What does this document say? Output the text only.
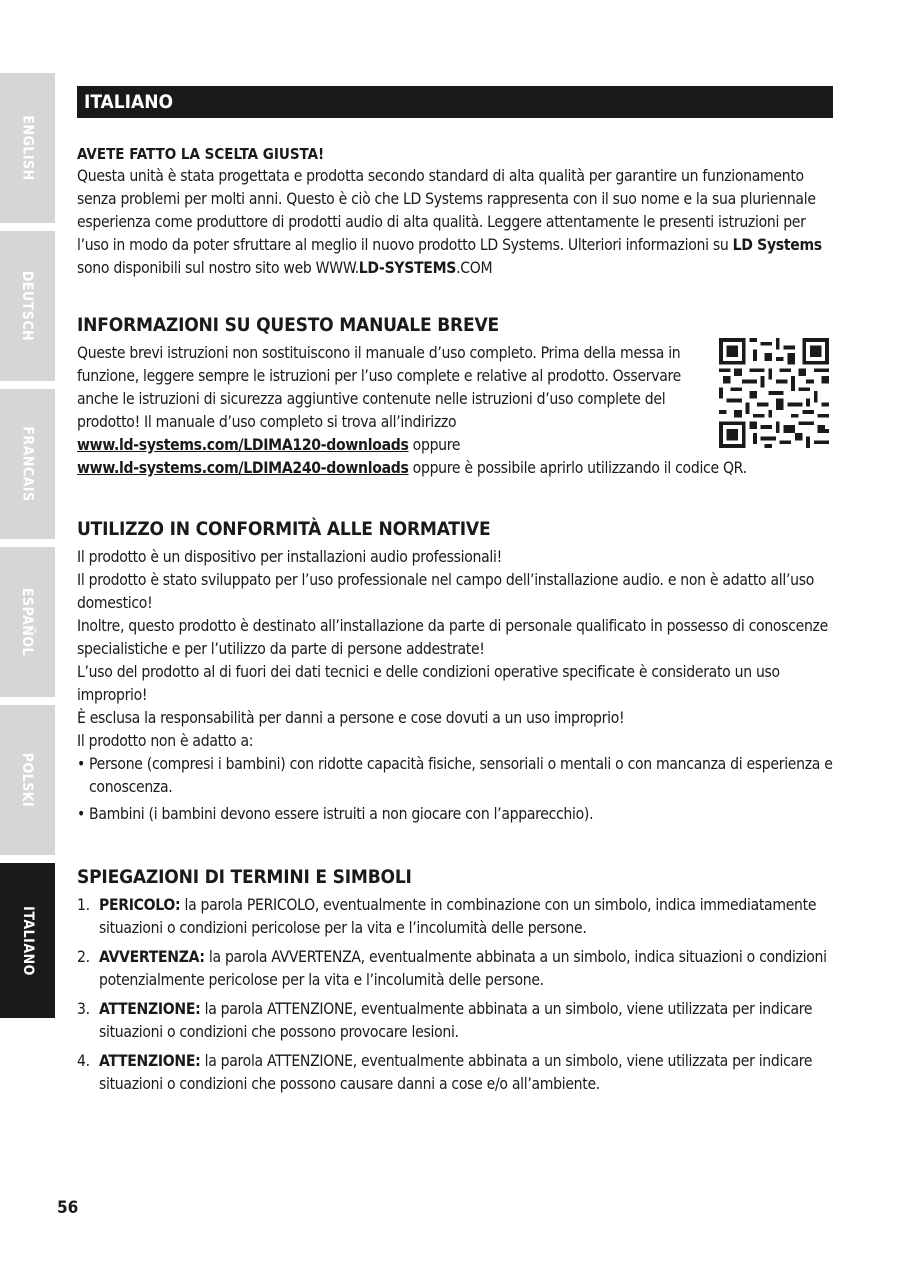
ENGLISH
DEUTSCH
FRANCAIS
ESPAÑOL
POLSKI
ITALIANO
ITALIANO
AVETE FATTO LA SCELTA GIUSTA!

Questa unità è stata progettata e prodotta secondo standard di alta qualità per garantire un funzionamento senza problemi per molti anni. Questo è ciò che LD Systems rappresenta con il suo nome e la sua pluriennale esperienza come produttore di prodotti audio di alta qualità. Leggere attentamente le presenti istruzioni per l’uso in modo da poter sfruttare al meglio il nuovo prodotto LD Systems. Ulteriori informazioni su LD Systems sono disponibili sul nostro sito web WWW.LD-SYSTEMS.COM

INFORMAZIONI SU QUESTO MANUALE BREVE

Queste brevi istruzioni non sostituiscono il manuale d’uso completo. Prima della messa in funzione, leggere sempre le istruzioni per l’uso complete e relative al prodotto. Osservare anche le istruzioni di sicurezza aggiuntive contenute nelle istruzioni d’uso complete del prodotto! Il manuale d’uso completo si trova all’indirizzo
www.ld-systems.com/LDIMA120-downloads oppure

www.ld-systems.com/LDIMA240-downloads oppure è possibile aprirlo utilizzando il codice QR.

UTILIZZO IN CONFORMITÀ ALLE NORMATIVE

Il prodotto è un dispositivo per installazioni audio professionali!

Il prodotto è stato sviluppato per l’uso professionale nel campo dell’installazione audio. e non è adatto all’uso domestico!

Inoltre, questo prodotto è destinato all’installazione da parte di personale qualificato in possesso di conoscenze specialistiche e per l’utilizzo da parte di persone addestrate!

L’uso del prodotto al di fuori dei dati tecnici e delle condizioni operative specificate è considerato un uso improprio!

È esclusa la responsabilità per danni a persone e cose dovuti a un uso improprio!

Il prodotto non è adatto a:

• Persone (compresi i bambini) con ridotte capacità fisiche, sensoriali o mentali o con mancanza di esperienza e conoscenza.
• Bambini (i bambini devono essere istruiti a non giocare con l’apparecchio).
SPIEGAZIONI DI TERMINI E SIMBOLI
1. PERICOLO: la parola PERICOLO, eventualmente in combinazione con un simbolo, indica immediatamente situazioni o condizioni pericolose per la vita e l’incolumità delle persone.
2. AVVERTENZA: la parola AVVERTENZA, eventualmente abbinata a un simbolo, indica situazioni o condizioni potenzialmente pericolose per la vita e l’incolumità delle persone.
3. ATTENZIONE: la parola ATTENZIONE, eventualmente abbinata a un simbolo, viene utilizzata per indicare situazioni o condizioni che possono provocare lesioni.
4. ATTENZIONE: la parola ATTENZIONE, eventualmente abbinata a un simbolo, viene utilizzata per indicare situazioni o condizioni che possono causare danni a cose e/o all’ambiente.
56
